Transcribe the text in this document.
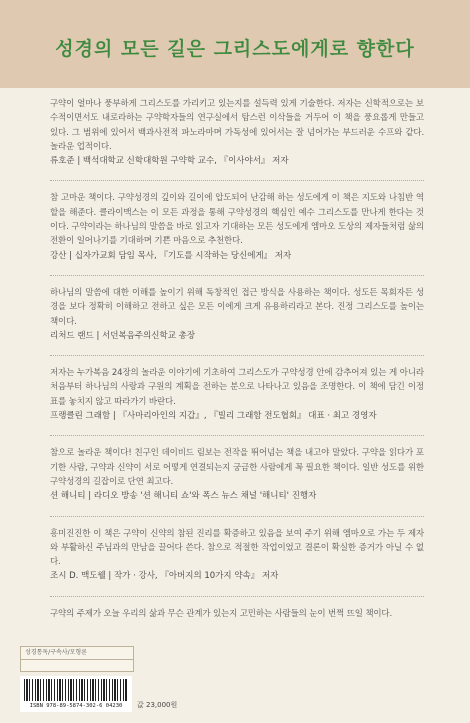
성경의 모든 길은 그리스도에게로 향한다

구약이 얼마나 풍부하게 그리스도를 가리키고 있는지를 설득력 있게 기술한다. 저자는 신학적으로는 보수적이면서도 내로라하는 구약학자들의 연구실에서 탐스런 이삭들을 거두어 이 책을 풍요롭게 만들고 있다. 그 범위에 있어서 백과사전적 파노라마며 가독성에 있어서는 잘 넘어가는 부드러운 수프와 같다. 놀라운 업적이다.

류호준 | 백석대학교 신학대학원 구약학 교수, 『이사야서』 저자

참 고마운 책이다. 구약성경의 깊이와 길이에 압도되어 난감해 하는 성도에게 이 책은 지도와 나침반 역할을 해준다. 클라이맥스는 이 모든 과정을 통해 구약성경의 핵심인 예수 그리스도를 만나게 한다는 것이다. 구약이라는 하나님의 말씀을 바로 읽고자 기대하는 모든 성도에게 엠마오 도상의 제자들처럼 삶의 전환이 일어나기를 기대하며 기쁜 마음으로 추천한다.

강산 | 십자가교회 담임 목사, 『기도를 시작하는 당신에게』 저자

하나님의 말씀에 대한 이해를 높이기 위해 독창적인 접근 방식을 사용하는 책이다. 성도든 목회자든 성경을 보다 정확히 이해하고 전하고 싶은 모든 이에게 크게 유용하리라고 본다. 진정 그리스도를 높이는 책이다.

리처드 랜드 | 서던복음주의신학교 총장

저자는 누가복음 24장의 놀라운 이야기에 기초하여 그리스도가 구약성경 안에 감추어져 있는 게 아니라 처음부터 하나님의 사랑과 구원의 계획을 전하는 분으로 나타나고 있음을 조명한다. 이 책에 담긴 이정표를 놓치지 않고 따라가기 바란다.

프랭클린 그래함 | 『사마리아인의 지갑』, 『빌리 그래함 전도협회』 대표 · 최고 경영자

참으로 놀라운 책이다! 친구인 데이비드 림보는 전작을 뛰어넘는 책을 내고야 말았다. 구약을 읽다가 포기한 사람, 구약과 신약이 서로 어떻게 연결되는지 궁금한 사람에게 꼭 필요한 책이다. 일반 성도를 위한 구약성경의 길잡이로 단연 최고다.

션 해니티 | 라디오 방송 '션 해니티 쇼'와 폭스 뉴스 채널 '해니티' 진행자

흥미진진한 이 책은 구약이 신약의 참된 진리를 확증하고 있음을 보여 주기 위해 엠마오로 가는 두 제자와 부활하신 주님과의 만남을 끌어다 쓴다. 참으로 적절한 작업이었고 결론이 확실한 증거가 아닐 수 없다.

조시 D. 맥도웰 | 작가 · 강사, 『아버지의 10가지 약속』 저자

구약의 주제가 오늘 우리의 삶과 무슨 관계가 있는지 고민하는 사람들의 눈이 번쩍 뜨일 책이다.

성경통독/구속사/모형론
ISBN 978-89-5874-302-6 04230	값 23,000원
